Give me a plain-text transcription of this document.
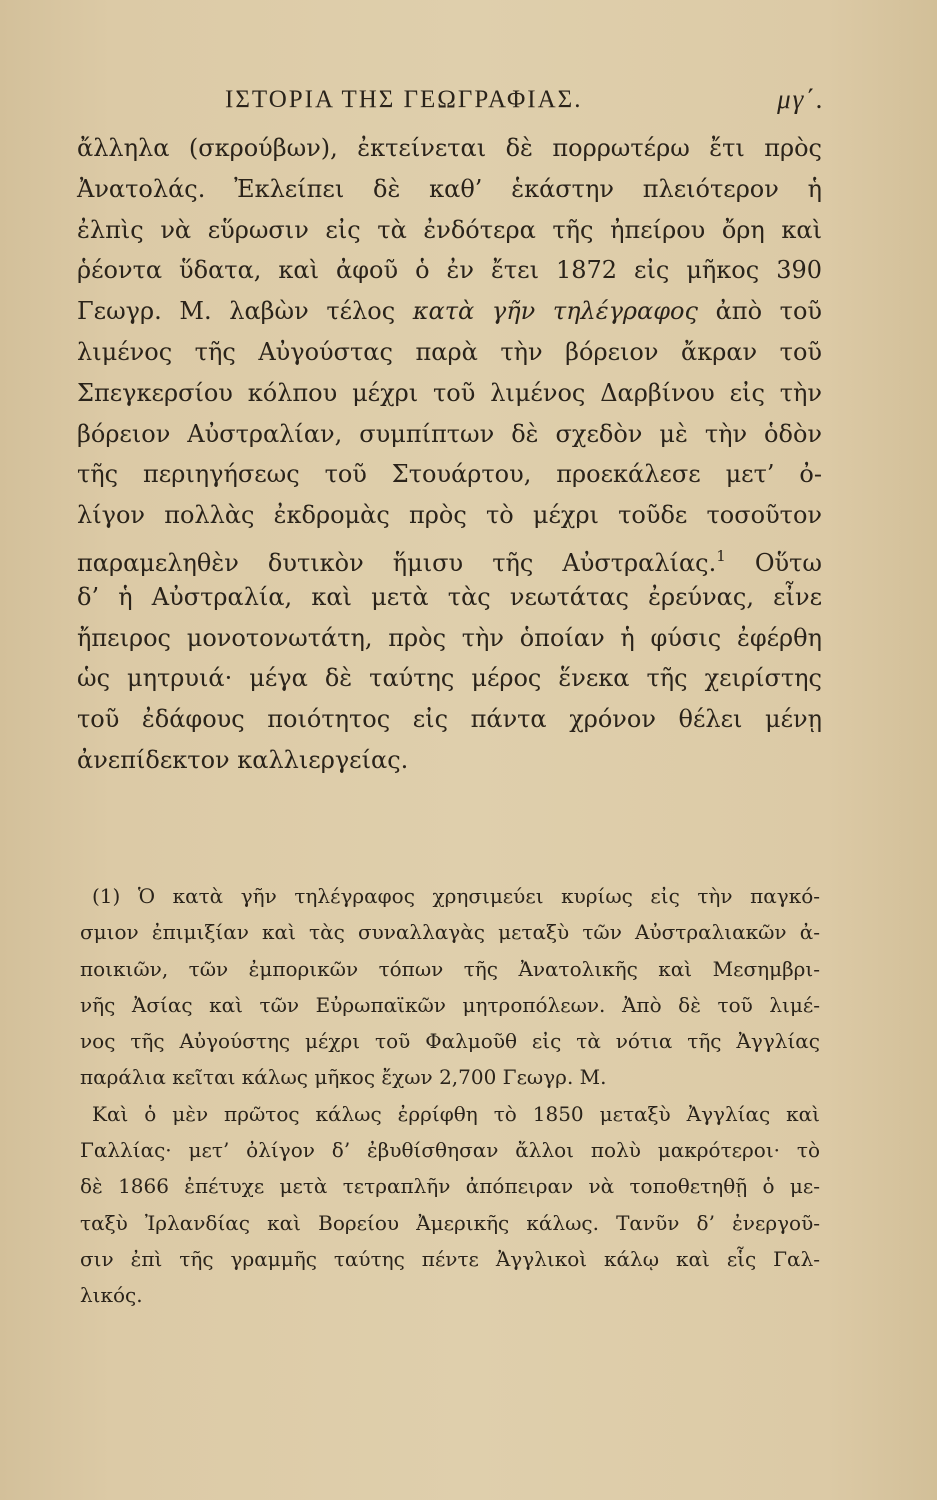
ΙΣΤΟΡΙΑ ΤΗΣ ΓΕΩΓΡΑΦΙΑΣ.	μγ΄.
ἄλληλα (σκρούβων), ἐκτείνεται δὲ πορρωτέρω ἔτι πρὸς
Ἀνατολάς. Ἐκλείπει δὲ καθ’ ἑκάστην πλειότερον ἡ
ἐλπὶς νὰ εὕρωσιν εἰς τὰ ἐνδότερα τῆς ἠπείρου ὄρη καὶ
ῥέοντα ὕδατα, καὶ ἀφοῦ ὁ ἐν ἔτει 1872 εἰς μῆκος 390
Γεωγρ. Μ. λαβὼν τέλος κατὰ γῆν τηλέγραφος ἀπὸ τοῦ
λιμένος τῆς Αὐγούστας παρὰ τὴν βόρειον ἄκραν τοῦ
Σπεγκερσίου κόλπου μέχρι τοῦ λιμένος Δαρβίνου εἰς τὴν
βόρειον Αὐστραλίαν, συμπίπτων δὲ σχεδὸν μὲ τὴν ὁδὸν
τῆς περιηγήσεως τοῦ Στουάρτου, προεκάλεσε μετ’ ὀ-
λίγον πολλὰς ἐκδρομὰς πρὸς τὸ μέχρι τοῦδε τοσοῦτον
παραμεληθὲν δυτικὸν ἥμισυ τῆς Αὐστραλίας.$^1$ Οὕτω
δ’ ἡ Αὐστραλία, καὶ μετὰ τὰς νεωτάτας ἐρεύνας, εἶνε
ἤπειρος μονοτονωτάτη, πρὸς τὴν ὁποίαν ἡ φύσις ἐφέρθη
ὡς μητρυιά· μέγα δὲ ταύτης μέρος ἕνεκα τῆς χειρίστης
τοῦ ἐδάφους ποιότητος εἰς πάντα χρόνον θέλει μένῃ
ἀνεπίδεκτον καλλιεργείας.
(1) Ὁ κατὰ γῆν τηλέγραφος χρησιμεύει κυρίως εἰς τὴν παγκό-
σμιον ἐπιμιξίαν καὶ τὰς συναλλαγὰς μεταξὺ τῶν Αὐστραλιακῶν ἀ-
ποικιῶν, τῶν ἐμπορικῶν τόπων τῆς Ἀνατολικῆς καὶ Μεσημβρι-
νῆς Ἀσίας καὶ τῶν Εὐρωπαϊκῶν μητροπόλεων. Ἀπὸ δὲ τοῦ λιμέ-
νος τῆς Αὐγούστης μέχρι τοῦ Φαλμοῦθ εἰς τὰ νότια τῆς Ἀγγλίας
παράλια κεῖται κάλως μῆκος ἔχων 2,700 Γεωγρ. Μ.
Καὶ ὁ μὲν πρῶτος κάλως ἐρρίφθη τὸ 1850 μεταξὺ Ἀγγλίας καὶ
Γαλλίας· μετ’ ὀλίγον δ’ ἐβυθίσθησαν ἄλλοι πολὺ μακρότεροι· τὸ
δὲ 1866 ἐπέτυχε μετὰ τετραπλῆν ἀπόπειραν νὰ τοποθετηθῇ ὁ με-
ταξὺ Ἰρλανδίας καὶ Βορείου Ἀμερικῆς κάλως. Τανῦν δ’ ἐνεργοῦ-
σιν ἐπὶ τῆς γραμμῆς ταύτης πέντε Ἀγγλικοὶ κάλῳ καὶ εἷς Γαλ-
λικός.
